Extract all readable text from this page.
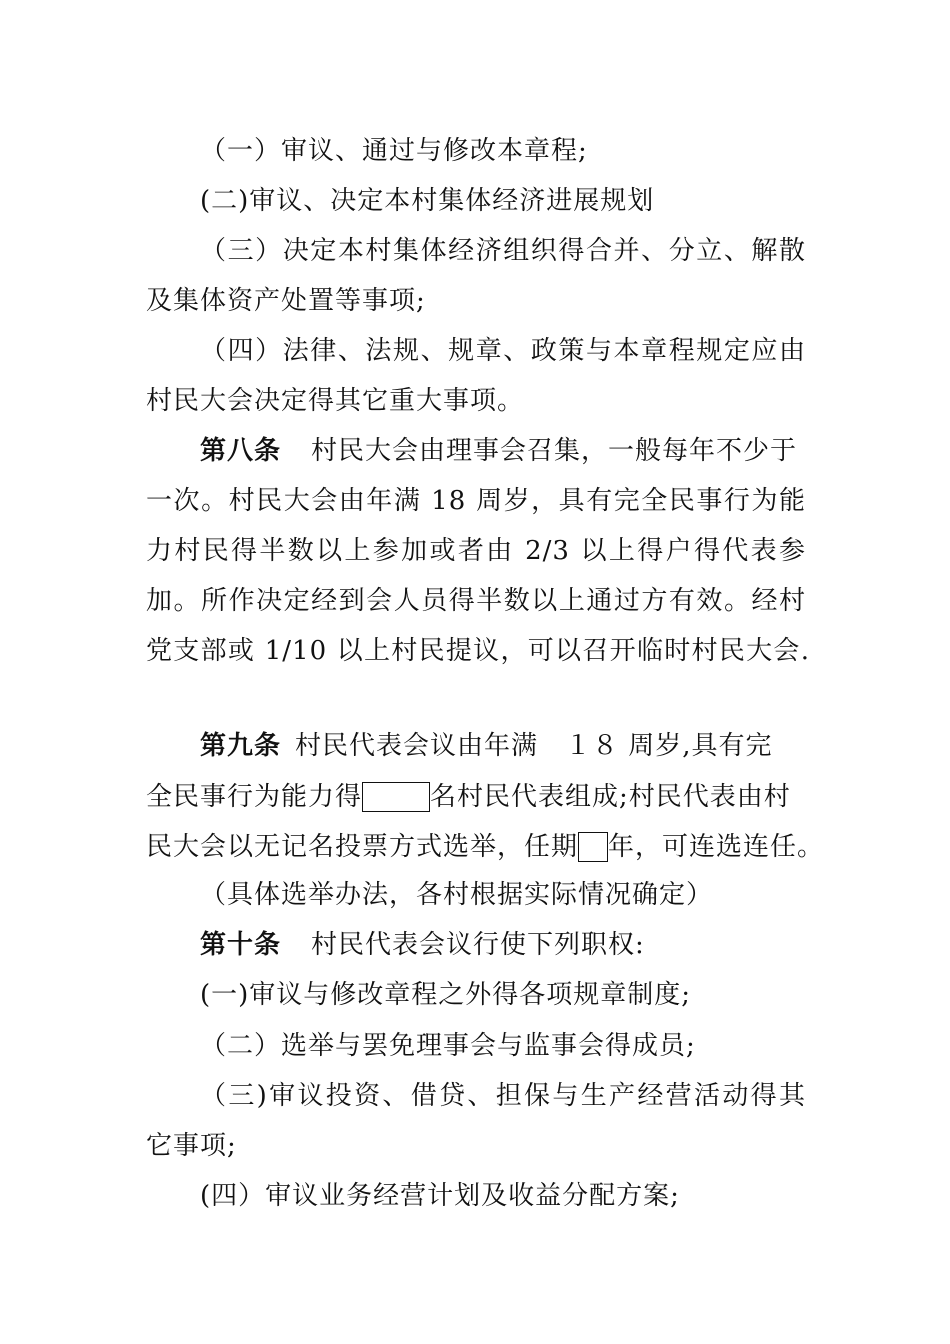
（一）审议、通过与修改本章程;
(二)审议、决定本村集体经济进展规划
（三）决定本村集体经济组织得合并、分立、解散
及集体资产处置等事项;
（四）法律、法规、规章、政策与本章程规定应由
村民大会决定得其它重大事项。
第八条 村民大会由理事会召集，一般每年不少于
一次。村民大会由年满 18 周岁，具有完全民事行为能
力村民得半数以上参加或者由 2/3 以上得户得代表参
加。所作决定经到会人员得半数以上通过方有效。经村
党支部或 1/10 以上村民提议，可以召开临时村民大会.
第九条 村民代表会议由年满　１８ 周岁,具有完
全民事行为能力得	名村民代表组成;村民代表由村
民大会以无记名投票方式选举，任期 年，可连选连任。
（具体选举办法，各村根据实际情况确定）
第十条 村民代表会议行使下列职权:
(一)审议与修改章程之外得各项规章制度;
（二）选举与罢免理事会与监事会得成员;
（三)审议投资、借贷、担保与生产经营活动得其
它事项;
(四）审议业务经营计划及收益分配方案;
